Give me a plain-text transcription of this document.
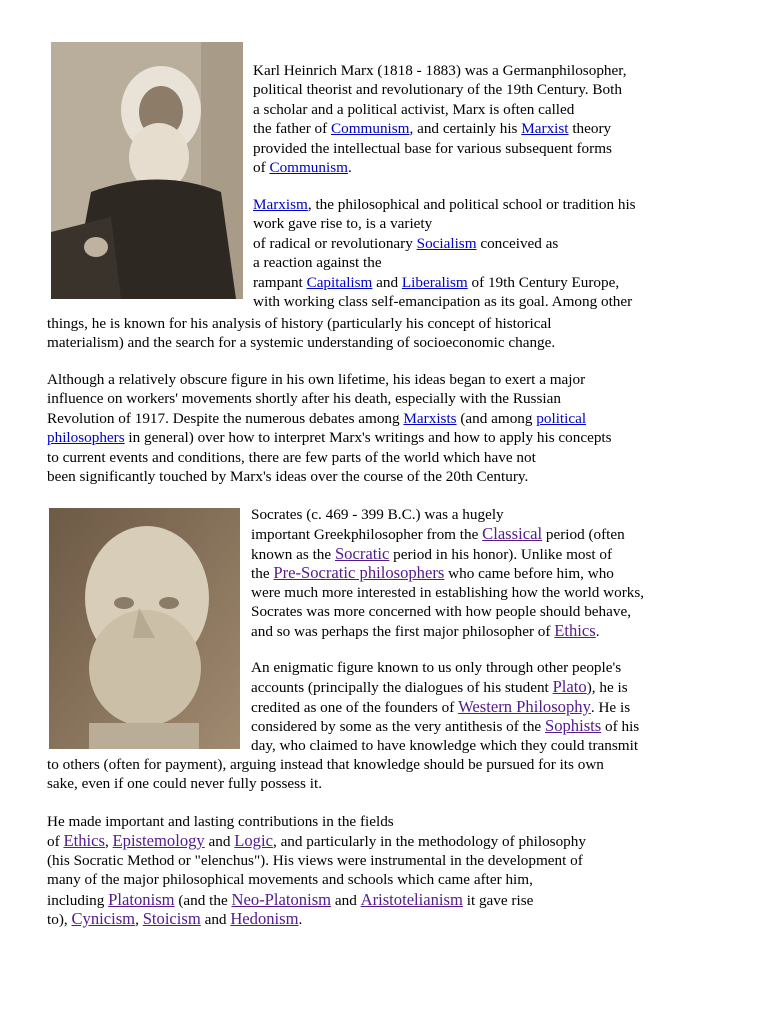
Karl Heinrich Marx (1818 - 1883) was a Germanphilosopher,
political theorist and revolutionary of the 19th Century. Both
a scholar and a political activist, Marx is often called
the father of Communism, and certainly his Marxist theory
provided the intellectual base for various subsequent forms
of Communism.
Marxism, the philosophical and political school or tradition his
work gave rise to, is a variety
of radical or revolutionary Socialism conceived as
a reaction against the
rampant Capitalism and Liberalism of 19th Century Europe,
with working class self-emancipation as its goal. Among other
things, he is known for his analysis of history (particularly his concept of historical
materialism) and the search for a systemic understanding of socioeconomic change.
Although a relatively obscure figure in his own lifetime, his ideas began to exert a major
influence on workers' movements shortly after his death, especially with the Russian
Revolution of 1917. Despite the numerous debates among Marxists (and among political
philosophers in general) over how to interpret Marx's writings and how to apply his concepts
to current events and conditions, there are few parts of the world which have not
been significantly touched by Marx's ideas over the course of the 20th Century.
Socrates (c. 469 - 399 B.C.) was a hugely
important Greekphilosopher from the Classical period (often
known as the Socratic period in his honor). Unlike most of
the Pre-Socratic philosophers who came before him, who
were much more interested in establishing how the world works,
Socrates was more concerned with how people should behave,
and so was perhaps the first major philosopher of Ethics.
An enigmatic figure known to us only through other people's
accounts (principally the dialogues of his student Plato), he is
credited as one of the founders of Western Philosophy. He is
considered by some as the very antithesis of the Sophists of his
day, who claimed to have knowledge which they could transmit
to others (often for payment), arguing instead that knowledge should be pursued for its own
sake, even if one could never fully possess it.
He made important and lasting contributions in the fields
of Ethics, Epistemology and Logic, and particularly in the methodology of philosophy
(his Socratic Method or "elenchus"). His views were instrumental in the development of
many of the major philosophical movements and schools which came after him,
including Platonism (and the Neo-Platonism and Aristotelianism it gave rise
to), Cynicism, Stoicism and Hedonism.
